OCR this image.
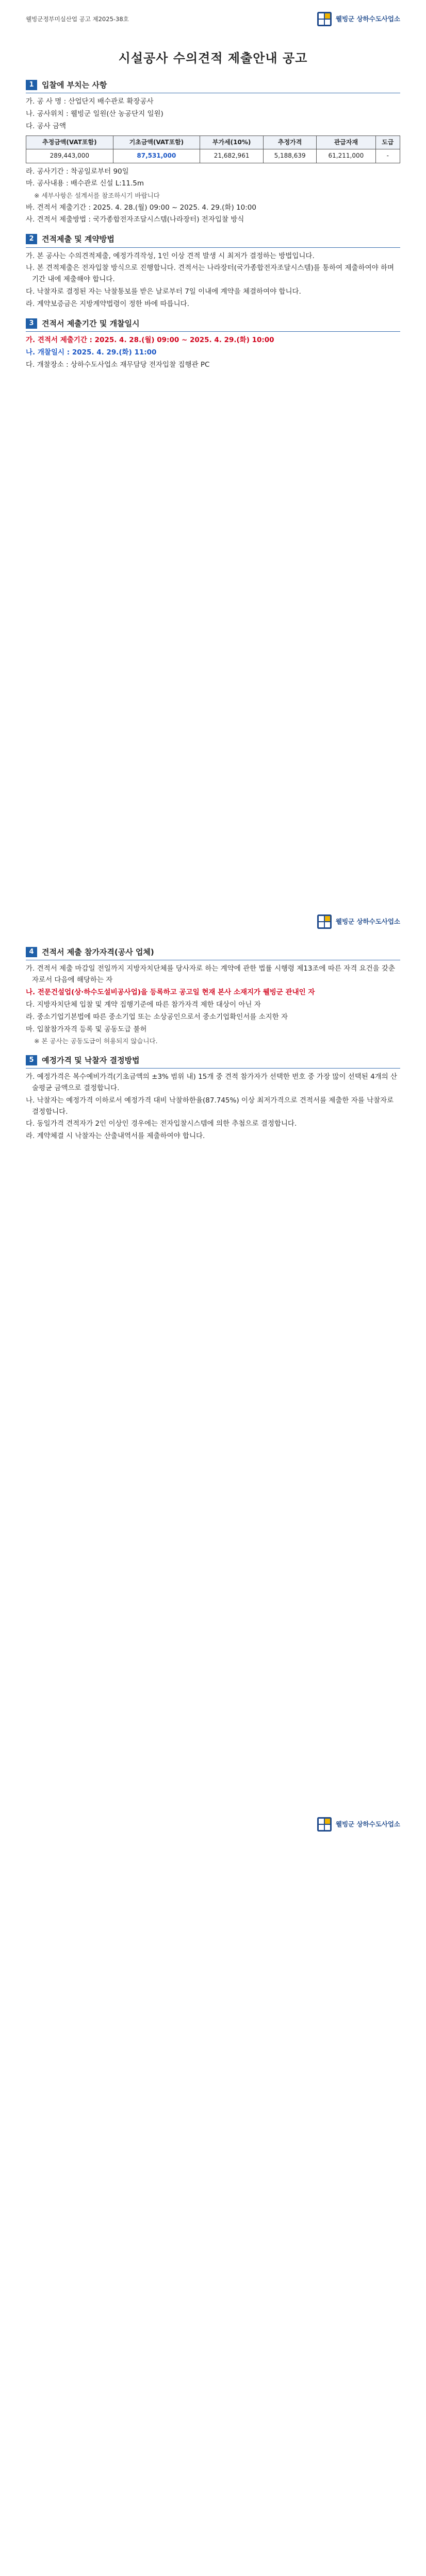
웰빙군정부미실산업 공고 제2025-38호	웰빙군 상하수도사업소
시설공사 수의견적 제출안내 공고
1	입찰에 부치는 사항
가. 공 사 명 : 산업단지 배수관로 확장공사
나. 공사위치 : 웰빙군 일원(산 농공단지 일원)
다. 공사 금액
추정금액(VAT포함)	기초금액(VAT포함)	부가세(10%)	추정가격	관급자재	도급
289,443,000	87,531,000	21,682,961	5,188,639	61,211,000	-
라. 공사기간 : 착공일로부터 90일
마. 공사내용 : 배수관로 신설 L:11.5m
※ 세부사항은 설계서를 참조하시기 바랍니다
바. 견적서 제출기간 : 2025. 4. 28.(월) 09:00 ~ 2025. 4. 29.(화) 10:00
사. 견적서 제출방법 : 국가종합전자조달시스템(나라장터) 전자입찰 방식
2	견적제출 및 계약방법
가. 본 공사는 수의견적제출, 예정가격작성, 1인 이상 견적 발생 시 최저가 결정하는 방법입니다.
나. 본 견적제출은 전자입찰 방식으로 진행합니다. 견적서는 나라장터(국가종합전자조달시스템)를 통하여 제출하여야 하며 기간 내에 제출해야 합니다.
다. 낙찰자로 결정된 자는 낙찰통보를 받은 날로부터 7일 이내에 계약을 체결하여야 합니다.
라. 계약보증금은 지방계약법령이 정한 바에 따릅니다.
3	견적서 제출기간 및 개찰일시
가. 견적서 제출기간 : 2025. 4. 28.(월) 09:00 ~ 2025. 4. 29.(화) 10:00
나. 개찰일시 : 2025. 4. 29.(화) 11:00
다. 개찰장소 : 상하수도사업소 재무담당 전자입찰 집행관 PC
웰빙군 상하수도사업소
4	견적서 제출 참가자격(공사 업체)
가. 견적서 제출 마감일 전일까지 지방자치단체를 당사자로 하는 계약에 관한 법률 시행령 제13조에 따른 자격 요건을 갖춘 자로서 다음에 해당하는 자
나. 전문건설업(상·하수도설비공사업)을 등록하고 공고일 현재 본사 소재지가 웰빙군 관내인 자
다. 지방자치단체 입찰 및 계약 집행기준에 따른 참가자격 제한 대상이 아닌 자
라. 중소기업기본법에 따른 중소기업 또는 소상공인으로서 중소기업확인서를 소지한 자
마. 입찰참가자격 등록 및 공동도급 불허
※ 본 공사는 공동도급이 허용되지 않습니다.
5	예정가격 및 낙찰자 결정방법
가. 예정가격은 복수예비가격(기초금액의 ±3% 범위 내) 15개 중 견적 참가자가 선택한 번호 중 가장 많이 선택된 4개의 산술평균 금액으로 결정합니다.
나. 낙찰자는 예정가격 이하로서 예정가격 대비 낙찰하한율(87.745%) 이상 최저가격으로 견적서를 제출한 자를 낙찰자로 결정합니다.
다. 동일가격 견적자가 2인 이상인 경우에는 전자입찰시스템에 의한 추첨으로 결정합니다.
라. 계약체결 시 낙찰자는 산출내역서를 제출하여야 합니다.
웰빙군 상하수도사업소
